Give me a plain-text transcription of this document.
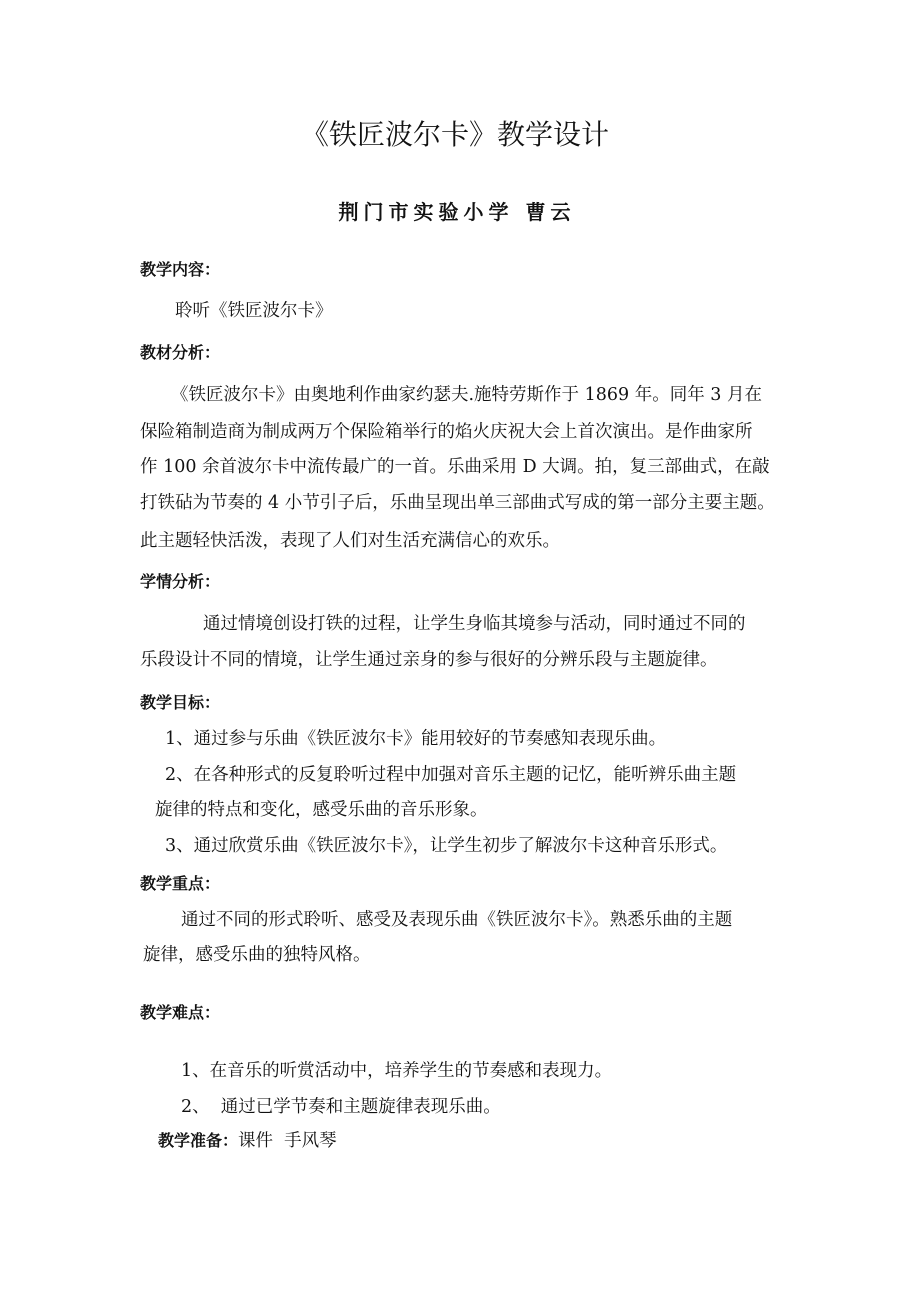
《铁匠波尔卡》教学设计
荆门市实验小学 曹云
教学内容：
聆听《铁匠波尔卡》
教材分析：
《铁匠波尔卡》由奥地利作曲家约瑟夫.施特劳斯作于 1869 年。同年 3 月在
保险箱制造商为制成两万个保险箱举行的焰火庆祝大会上首次演出。是作曲家所
作 100 余首波尔卡中流传最广的一首。乐曲采用 D 大调。拍，复三部曲式，在敲
打铁砧为节奏的 4 小节引子后，乐曲呈现出单三部曲式写成的第一部分主要主题。
此主题轻快活泼，表现了人们对生活充满信心的欢乐。
学情分析：
通过情境创设打铁的过程，让学生身临其境参与活动，同时通过不同的
乐段设计不同的情境，让学生通过亲身的参与很好的分辨乐段与主题旋律。
教学目标：
1、通过参与乐曲《铁匠波尔卡》能用较好的节奏感知表现乐曲。
2、在各种形式的反复聆听过程中加强对音乐主题的记忆，能听辨乐曲主题
旋律的特点和变化，感受乐曲的音乐形象。
3、通过欣赏乐曲《铁匠波尔卡》，让学生初步了解波尔卡这种音乐形式。
教学重点：
通过不同的形式聆听、感受及表现乐曲《铁匠波尔卡》。熟悉乐曲的主题
旋律，感受乐曲的独特风格。
教学难点：
1、在音乐的听赏活动中，培养学生的节奏感和表现力。
2、  通过已学节奏和主题旋律表现乐曲。
教学准备：课件  手风琴
